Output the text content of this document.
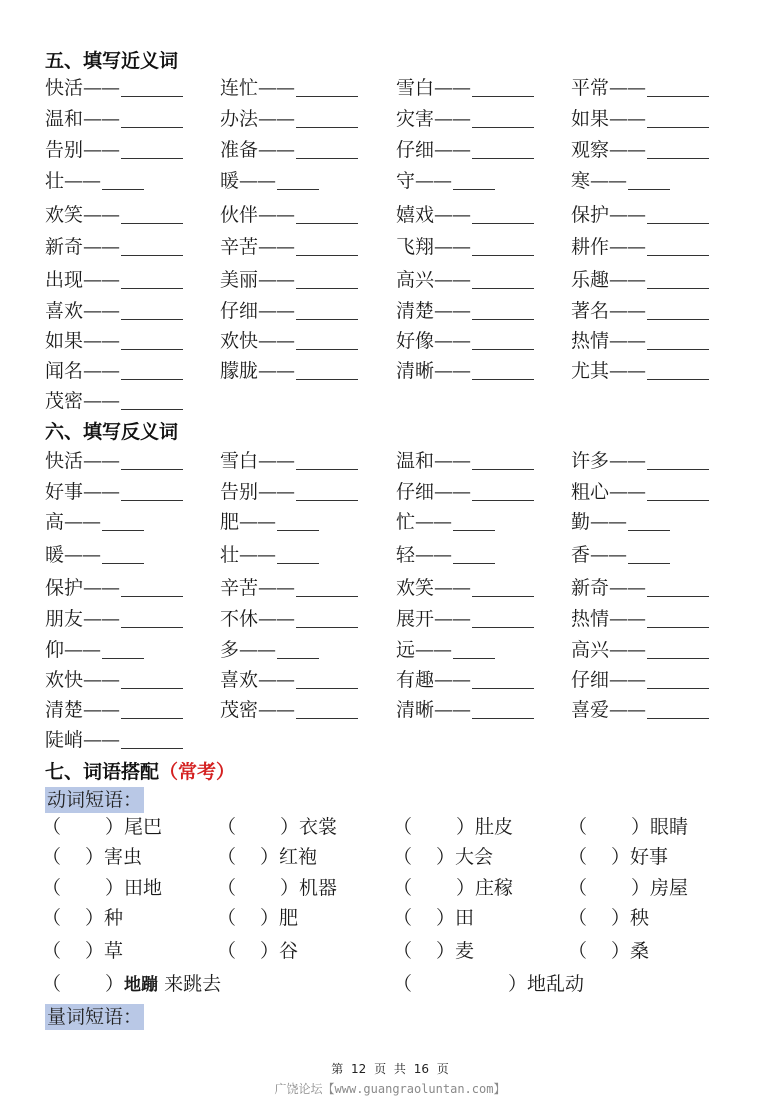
五、填写近义词
快活 ——	连忙 ——	雪白 ——	平常 ——
温和 ——	办法 ——	灾害 ——	如果 ——
告别 ——	准备 ——	仔细 ——	观察 ——
壮 ——	暖 ——	守 ——	寒 ——
欢笑 ——	伙伴 ——	嬉戏 ——	保护 ——
新奇 ——	辛苦 ——	飞翔 ——	耕作 ——
出现 ——	美丽 ——	高兴 ——	乐趣 ——
喜欢 ——	仔细 ——	清楚 ——	著名 ——
如果 ——	欢快 ——	好像 ——	热情 ——
闻名 ——	朦胧 ——	清晰 ——	尤其 ——
茂密 ——
六、填写反义词
快活 ——	雪白 ——	温和 ——	许多 ——
好事 ——	告别 ——	仔细 ——	粗心 ——
高 ——	肥 ——	忙 ——	勤 ——
暖 ——	壮 ——	轻 ——	香 ——
保护 ——	辛苦 ——	欢笑 ——	新奇 ——
朋友 ——	不休 ——	展开 ——	热情 ——
仰 ——	多 ——	远 ——	高兴 ——
欢快 ——	喜欢 ——	有趣 ——	仔细 ——
清楚 ——	茂密 ——	清晰 ——	喜爱 ——
陡峭 ——
七、词语搭配（常考）
动词短语：
（ ）尾巴	（ ）衣裳	（ ）肚皮	（ ）眼睛
（ ）害虫	（ ）红袍	（ ）大会	（ ）好事
（ ）田地	（ ）机器	（ ）庄稼	（ ）房屋
（ ）种	（ ）肥	（ ）田	（ ）秧
（ ）草	（ ）谷	（ ）麦	（ ）桑
（ ）地蹦 来跳去	（	）地乱动
量词短语：
第 12 页 共 16 页
广饶论坛【www.guangraoluntan.com】
